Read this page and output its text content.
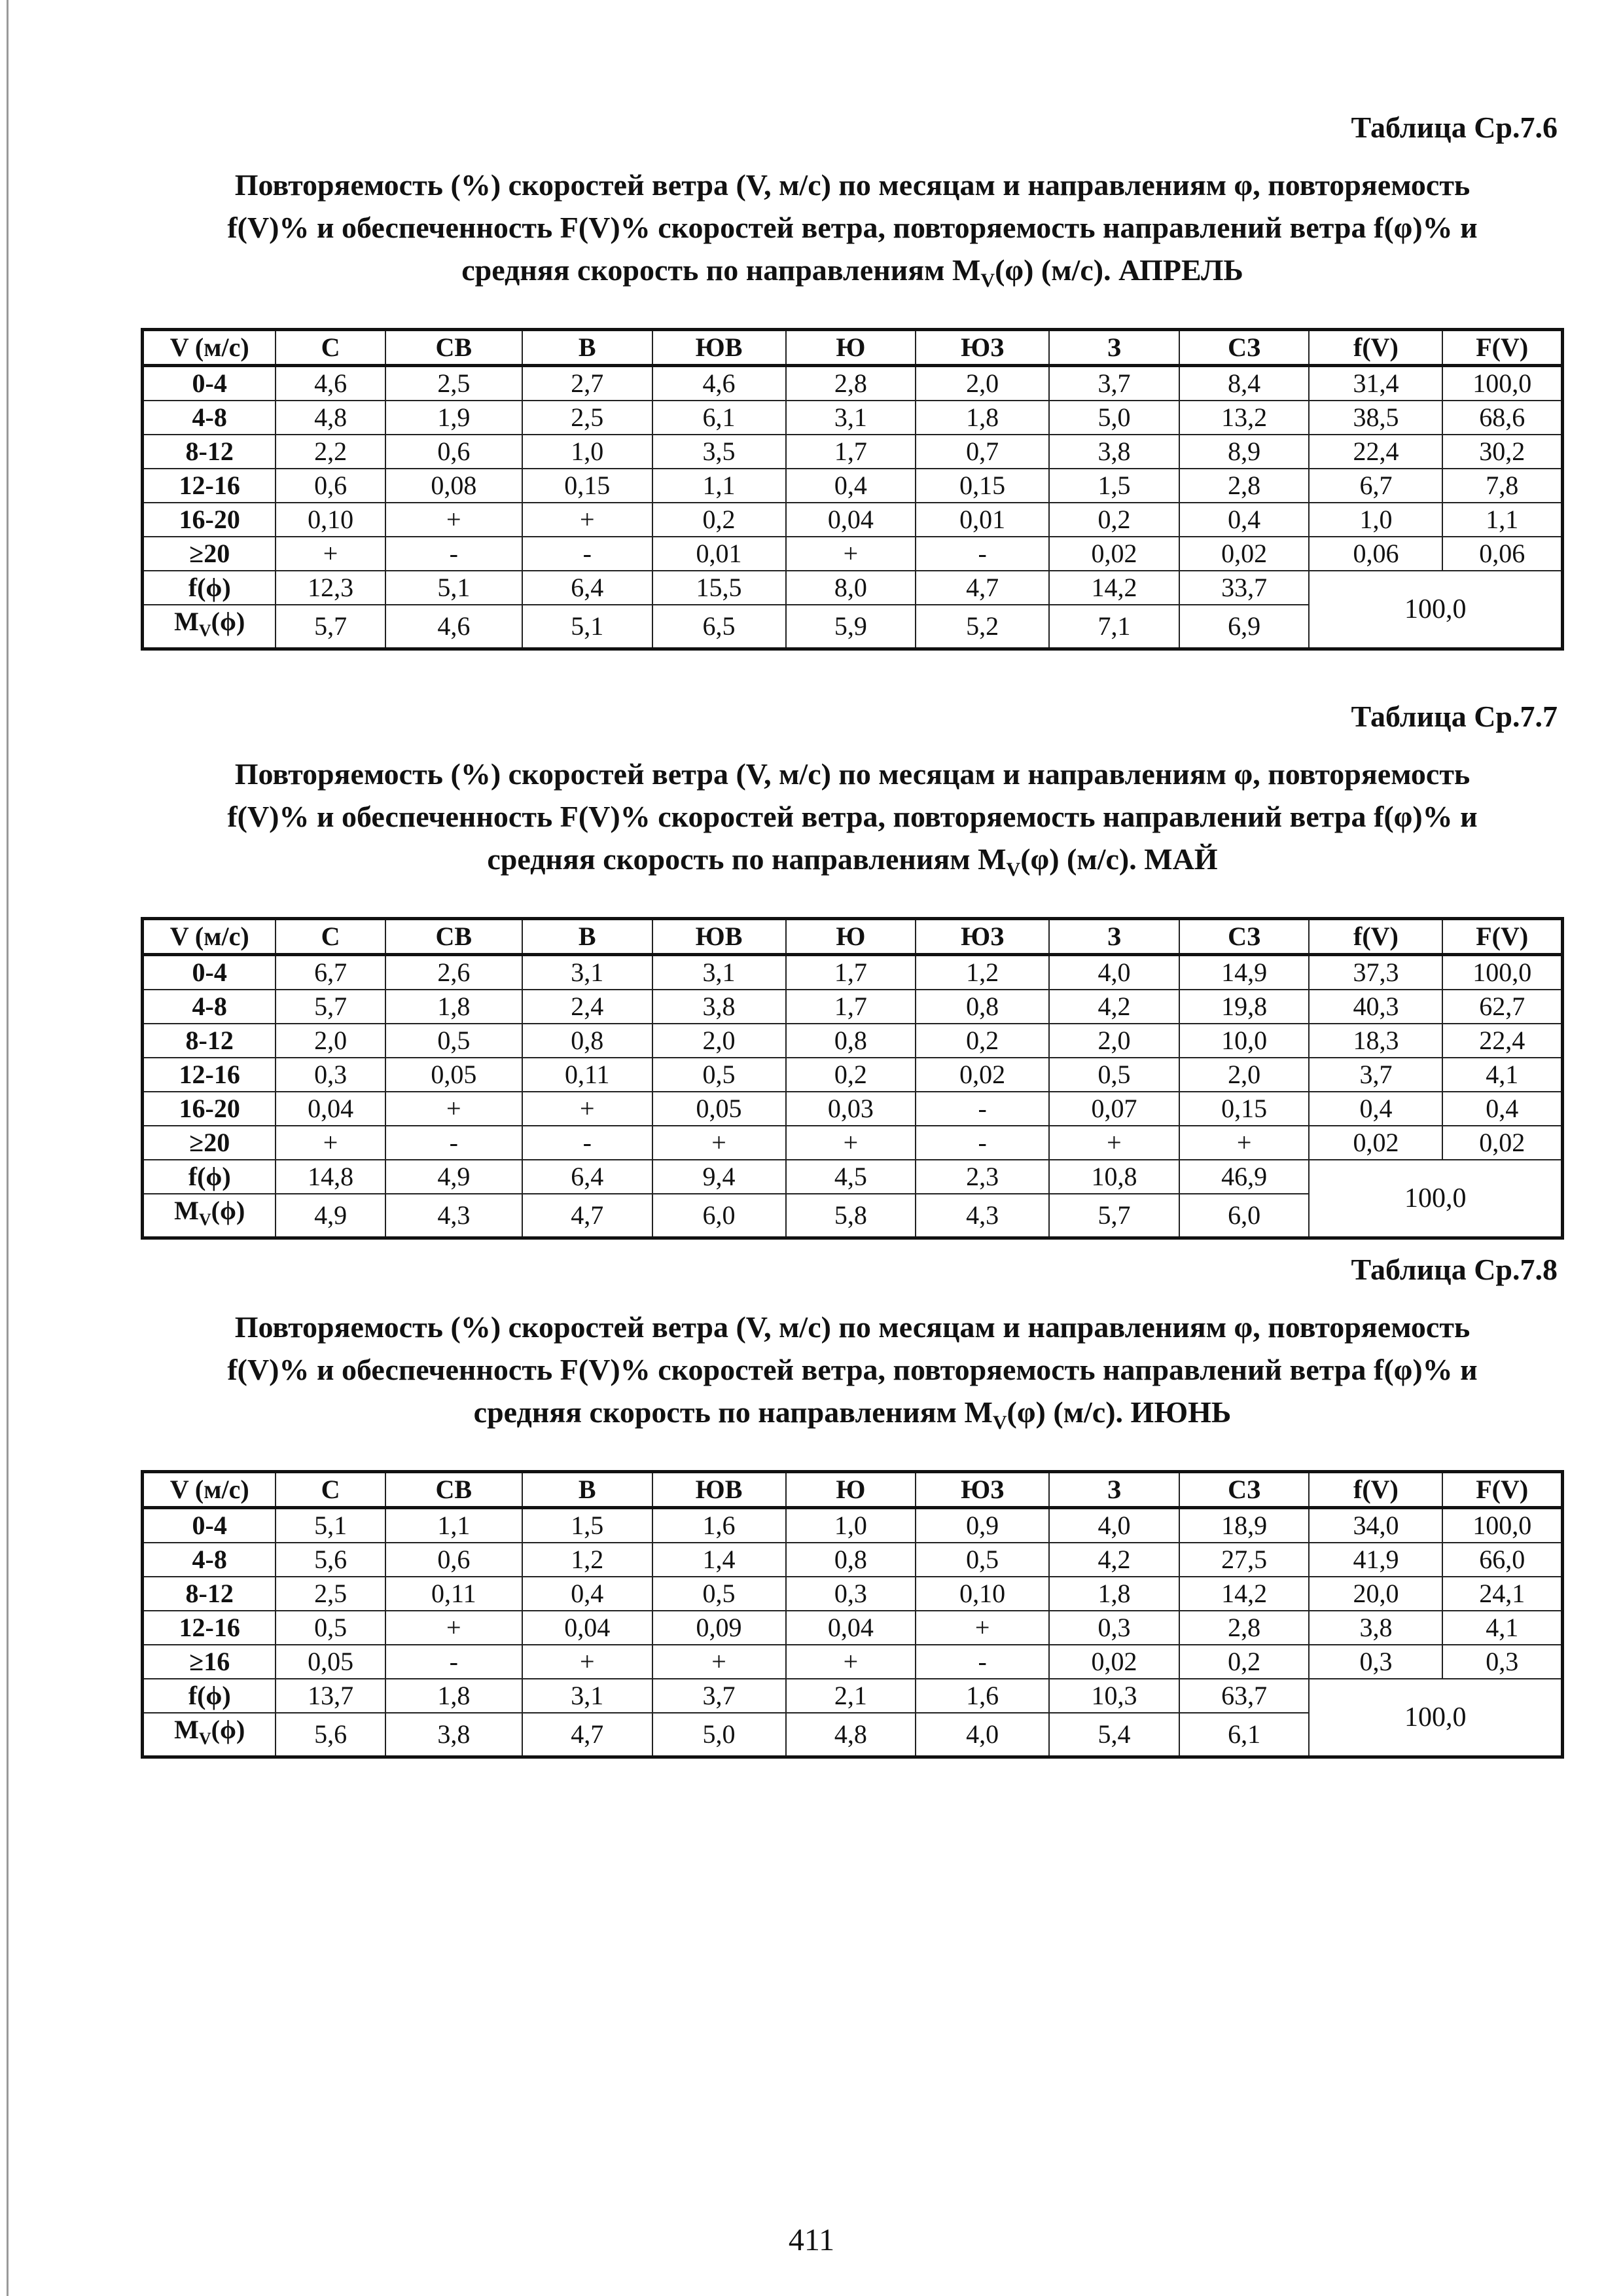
Таблица Ср.7.6
Повторяемость (%) скоростей ветра (V, м/с) по месяцам и направлениям φ, повторяемость
f(V)% и обеспеченность F(V)% скоростей ветра, повторяемость направлений ветра f(φ)% и
средняя скорость по направлениям $M_V(\varphi)$ (м/с). АПРЕЛЬ
V (м/с)	С	СВ	В	ЮВ	Ю	ЮЗ	З	СЗ	f(V)	F(V)
0-4	4,6	2,5	2,7	4,6	2,8	2,0	3,7	8,4	31,4	100,0
4-8	4,8	1,9	2,5	6,1	3,1	1,8	5,0	13,2	38,5	68,6
8-12	2,2	0,6	1,0	3,5	1,7	0,7	3,8	8,9	22,4	30,2
12-16	0,6	0,08	0,15	1,1	0,4	0,15	1,5	2,8	6,7	7,8
16-20	0,10	+	+	0,2	0,04	0,01	0,2	0,4	1,0	1,1
≥20	+	-	-	0,01	+	-	0,02	0,02	0,06	0,06
f(ϕ)	12,3	5,1	6,4	15,5	8,0	4,7	14,2	33,7	100,0	
$M_V(\phi)$	5,7	4,6	5,1	6,5	5,9	5,2	7,1	6,9		
Таблица Ср.7.7
Повторяемость (%) скоростей ветра (V, м/с) по месяцам и направлениям φ, повторяемость
f(V)% и обеспеченность F(V)% скоростей ветра, повторяемость направлений ветра f(φ)% и
средняя скорость по направлениям $M_V(\varphi)$ (м/с). МАЙ
V (м/с)	С	СВ	В	ЮВ	Ю	ЮЗ	З	СЗ	f(V)	F(V)
0-4	6,7	2,6	3,1	3,1	1,7	1,2	4,0	14,9	37,3	100,0
4-8	5,7	1,8	2,4	3,8	1,7	0,8	4,2	19,8	40,3	62,7
8-12	2,0	0,5	0,8	2,0	0,8	0,2	2,0	10,0	18,3	22,4
12-16	0,3	0,05	0,11	0,5	0,2	0,02	0,5	2,0	3,7	4,1
16-20	0,04	+	+	0,05	0,03	-	0,07	0,15	0,4	0,4
≥20	+	-	-	+	+	-	+	+	0,02	0,02
f(ϕ)	14,8	4,9	6,4	9,4	4,5	2,3	10,8	46,9	100,0	
$M_V(\phi)$	4,9	4,3	4,7	6,0	5,8	4,3	5,7	6,0		
Таблица Ср.7.8
Повторяемость (%) скоростей ветра (V, м/с) по месяцам и направлениям φ, повторяемость
f(V)% и обеспеченность F(V)% скоростей ветра, повторяемость направлений ветра f(φ)% и
средняя скорость по направлениям $M_V(\varphi)$ (м/с). ИЮНЬ
V (м/с)	С	СВ	В	ЮВ	Ю	ЮЗ	З	СЗ	f(V)	F(V)
0-4	5,1	1,1	1,5	1,6	1,0	0,9	4,0	18,9	34,0	100,0
4-8	5,6	0,6	1,2	1,4	0,8	0,5	4,2	27,5	41,9	66,0
8-12	2,5	0,11	0,4	0,5	0,3	0,10	1,8	14,2	20,0	24,1
12-16	0,5	+	0,04	0,09	0,04	+	0,3	2,8	3,8	4,1
≥16	0,05	-	+	+	+	-	0,02	0,2	0,3	0,3
f(ϕ)	13,7	1,8	3,1	3,7	2,1	1,6	10,3	63,7	100,0	
$M_V(\phi)$	5,6	3,8	4,7	5,0	4,8	4,0	5,4	6,1		
411
